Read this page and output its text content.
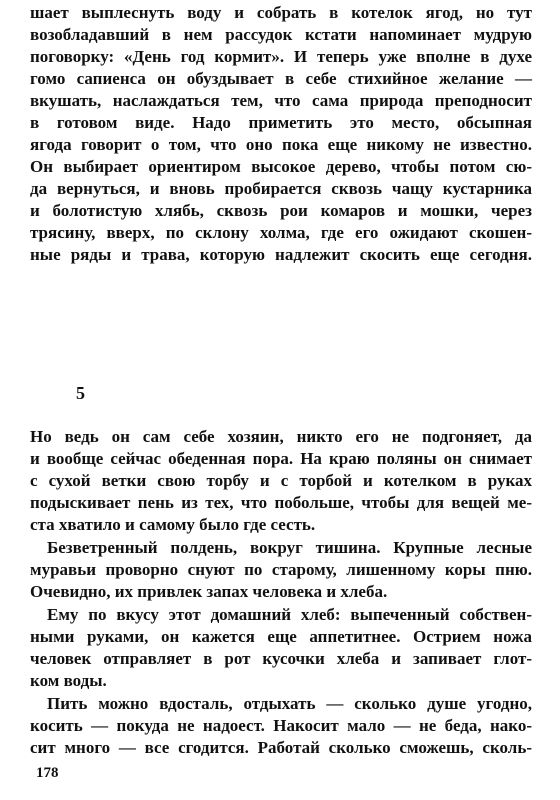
шает выплеснуть воду и собрать в котелок ягод, но тут
возобладавший в нем рассудок кстати напоминает мудрую
поговорку: «День год кормит». И теперь уже вполне в духе
гомо сапиенса он обуздывает в себе стихийное желание —
вкушать, наслаждаться тем, что сама природа преподносит
в готовом виде. Надо приметить это место, обсыпная
ягода говорит о том, что оно пока еще никому не известно.
Он выбирает ориентиром высокое дерево, чтобы потом сю-
да вернуться, и вновь пробирается сквозь чащу кустарника
и болотистую хлябь, сквозь рои комаров и мошки, через
трясину, вверх, по склону холма, где его ожидают скошен-
ные ряды и трава, которую надлежит скосить еще сегодня.
5
Но ведь он сам себе хозяин, никто его не подгоняет, да
и вообще сейчас обеденная пора. На краю поляны он снимает
с сухой ветки свою торбу и с торбой и котелком в руках
подыскивает пень из тех, что побольше, чтобы для вещей ме-
ста хватило и самому было где сесть.
Безветренный полдень, вокруг тишина. Крупные лесные
муравьи проворно снуют по старому, лишенному коры пню.
Очевидно, их привлек запах человека и хлеба.
Ему по вкусу этот домашний хлеб: выпеченный собствен-
ными руками, он кажется еще аппетитнее. Острием ножа
человек отправляет в рот кусочки хлеба и запивает глот-
ком воды.
Пить можно вдосталь, отдыхать — сколько душе угодно,
косить — покуда не надоест. Накосит мало — не беда, нако-
сит много — все сгодится. Работай сколько сможешь, сколь-
178
